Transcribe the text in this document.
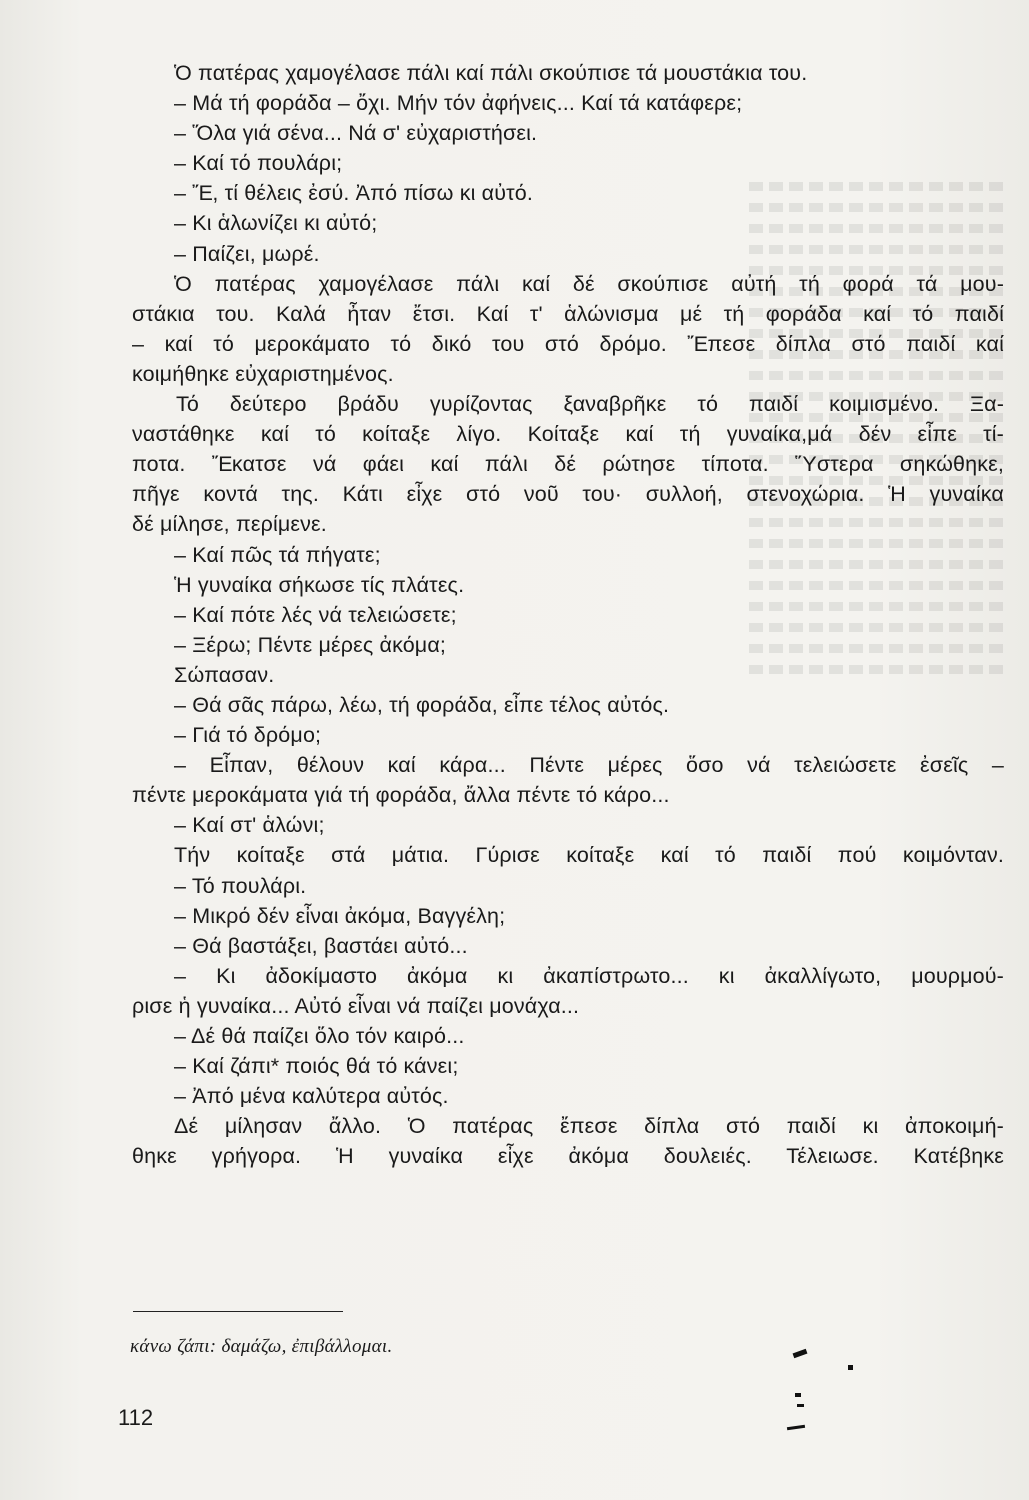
Ὁ πατέρας χαμογέλασε πάλι καί πάλι σκούπισε τά μουστάκια του.
– Μά τή φοράδα – ὄχι. Μήν τόν ἀφήνεις... Καί τά κατάφερε;
– Ὅλα γιά σένα... Νά σ' εὐχαριστήσει.
– Καί τό πουλάρι;
– Ἔ, τί θέλεις ἐσύ. Ἀπό πίσω κι αὐτό.
– Κι ἁλωνίζει κι αὐτό;
– Παίζει, μωρέ.
Ὁ πατέρας χαμογέλασε πάλι καί δέ σκούπισε αὐτή τή φορά τά μου-
στάκια του. Καλά ἦταν ἔτσι. Καί τ' ἁλώνισμα μέ τή φοράδα καί τό παιδί
– καί τό μεροκάματο τό δικό του στό δρόμο. Ἔπεσε δίπλα στό παιδί καί
κοιμήθηκε εὐχαριστημένος.
Τό δεύτερο βράδυ γυρίζοντας ξαναβρῆκε τό παιδί κοιμισμένο. Ξα-
ναστάθηκε καί τό κοίταξε λίγο. Κοίταξε καί τή γυναίκα,μά δέν εἶπε τί-
ποτα. Ἔκατσε νά φάει καί πάλι δέ ρώτησε τίποτα. Ὕστερα σηκώθηκε,
πῆγε κοντά της. Κάτι εἶχε στό νοῦ του· συλλοή, στενοχώρια. Ἡ γυναίκα
δέ μίλησε, περίμενε.
– Καί πῶς τά πήγατε;
Ἡ γυναίκα σήκωσε τίς πλάτες.
– Καί πότε λές νά τελειώσετε;
– Ξέρω; Πέντε μέρες ἀκόμα;
Σώπασαν.
– Θά σᾶς πάρω, λέω, τή φοράδα, εἶπε τέλος αὐτός.
– Γιά τό δρόμο;
– Εἶπαν, θέλουν καί κάρα... Πέντε μέρες ὅσο νά τελειώσετε ἐσεῖς –
πέντε μεροκάματα γιά τή φοράδα, ἄλλα πέντε τό κάρο...
– Καί στ' ἁλώνι;
Τήν κοίταξε στά μάτια. Γύρισε κοίταξε καί τό παιδί πού κοιμόνταν.
– Τό πουλάρι.
– Μικρό δέν εἶναι ἀκόμα, Βαγγέλη;
– Θά βαστάξει, βαστάει αὐτό...
– Κι ἀδοκίμαστο ἀκόμα κι ἀκαπίστρωτο... κι ἀκαλλίγωτο, μουρμού-
ρισε ἡ γυναίκα... Αὐτό εἶναι νά παίζει μονάχα...
– Δέ θά παίζει ὅλο τόν καιρό...
– Καί ζάπι* ποιός θά τό κάνει;
– Ἀπό μένα καλύτερα αὐτός.
Δέ μίλησαν ἄλλο. Ὁ πατέρας ἔπεσε δίπλα στό παιδί κι ἀποκοιμή-
θηκε γρήγορα. Ἡ γυναίκα εἶχε ἀκόμα δουλειές. Τέλειωσε. Κατέβηκε
κάνω ζάπι: δαμάζω, ἐπιβάλλομαι.
112
